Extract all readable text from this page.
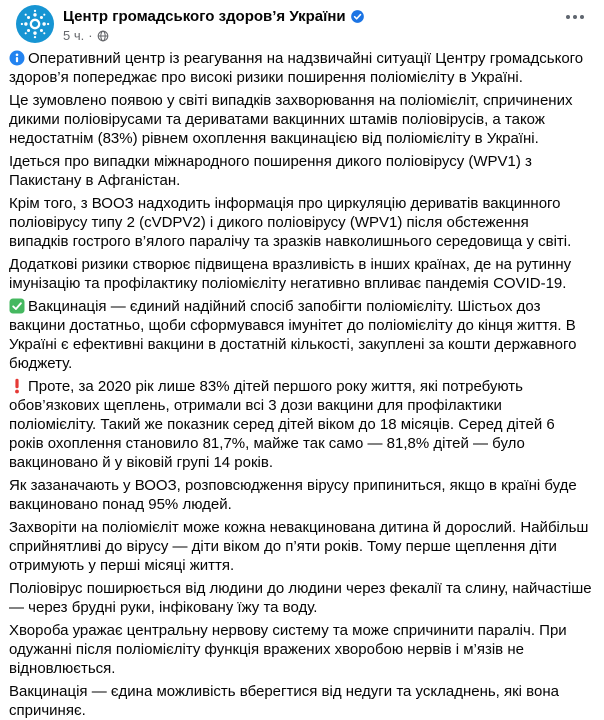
Центр громадського здоров’я України
5 ч. ·

Оперативний центр із реагування на надзвичайні ситуації Центру громадського здоров’я попереджає про високі ризики поширення поліомієліту в Україні.

Це зумовлено появою у світі випадків захворювання на поліомієліт, спричинених дикими поліовірусами та дериватами вакцинних штамів поліовірусів, а також недостатнім (83%) рівнем охоплення вакцинацією від поліомієліту в Україні.

Ідеться про випадки міжнародного поширення дикого поліовірусу (WPV1) з Пакистану в Афганістан.

Крім того, з ВООЗ надходить інформація про циркуляцію дериватів вакцинного поліовірусу типу 2 (cVDPV2) і дикого поліовірусу (WPV1) після обстеження випадків гострого в’ялого паралічу та зразків навколишнього середовища у світі.

Додаткові ризики створює підвищена вразливість в інших країнах, де на рутинну імунізацію та профілактику поліомієліту негативно впливає пандемія COVID-19.

Вакцинація — єдиний надійний спосіб запобігти поліомієліту. Шістьох доз вакцини достатньо, щоби сформувався імунітет до поліомієліту до кінця життя. В Україні є ефективні вакцини в достатній кількості, закуплені за кошти державного бюджету.

Проте, за 2020 рік лише 83% дітей першого року життя, які потребують обов’язкових щеплень, отримали всі 3 дози вакцини для профілактики поліомієліту. Такий же показник серед дітей віком до 18 місяців. Серед дітей 6 років охоплення становило 81,7%, майже так само — 81,8% дітей — було вакциновано й у віковій групі 14 років.

Як зазаначають у ВООЗ, розповсюдження вірусу припиниться, якщо в країні буде вакциновано понад 95% людей.

Захворіти на поліомієліт може кожна невакцинована дитина й дорослий. Найбільш сприйнятливі до вірусу — діти віком до п’яти років. Тому перше щеплення діти отримують у перші місяці життя.

Поліовірус поширюється від людини до людини через фекалії та слину, найчастіше — через брудні руки, інфіковану їжу та воду.

Хвороба уражає центральну нервову систему та може спричинити параліч. При одужанні після поліомієліту функція вражених хворобою нервів і м’язів не відновлюється.

Вакцинація — єдина можливість вберегтися від недуги та ускладнень, які вона спричиняє.
